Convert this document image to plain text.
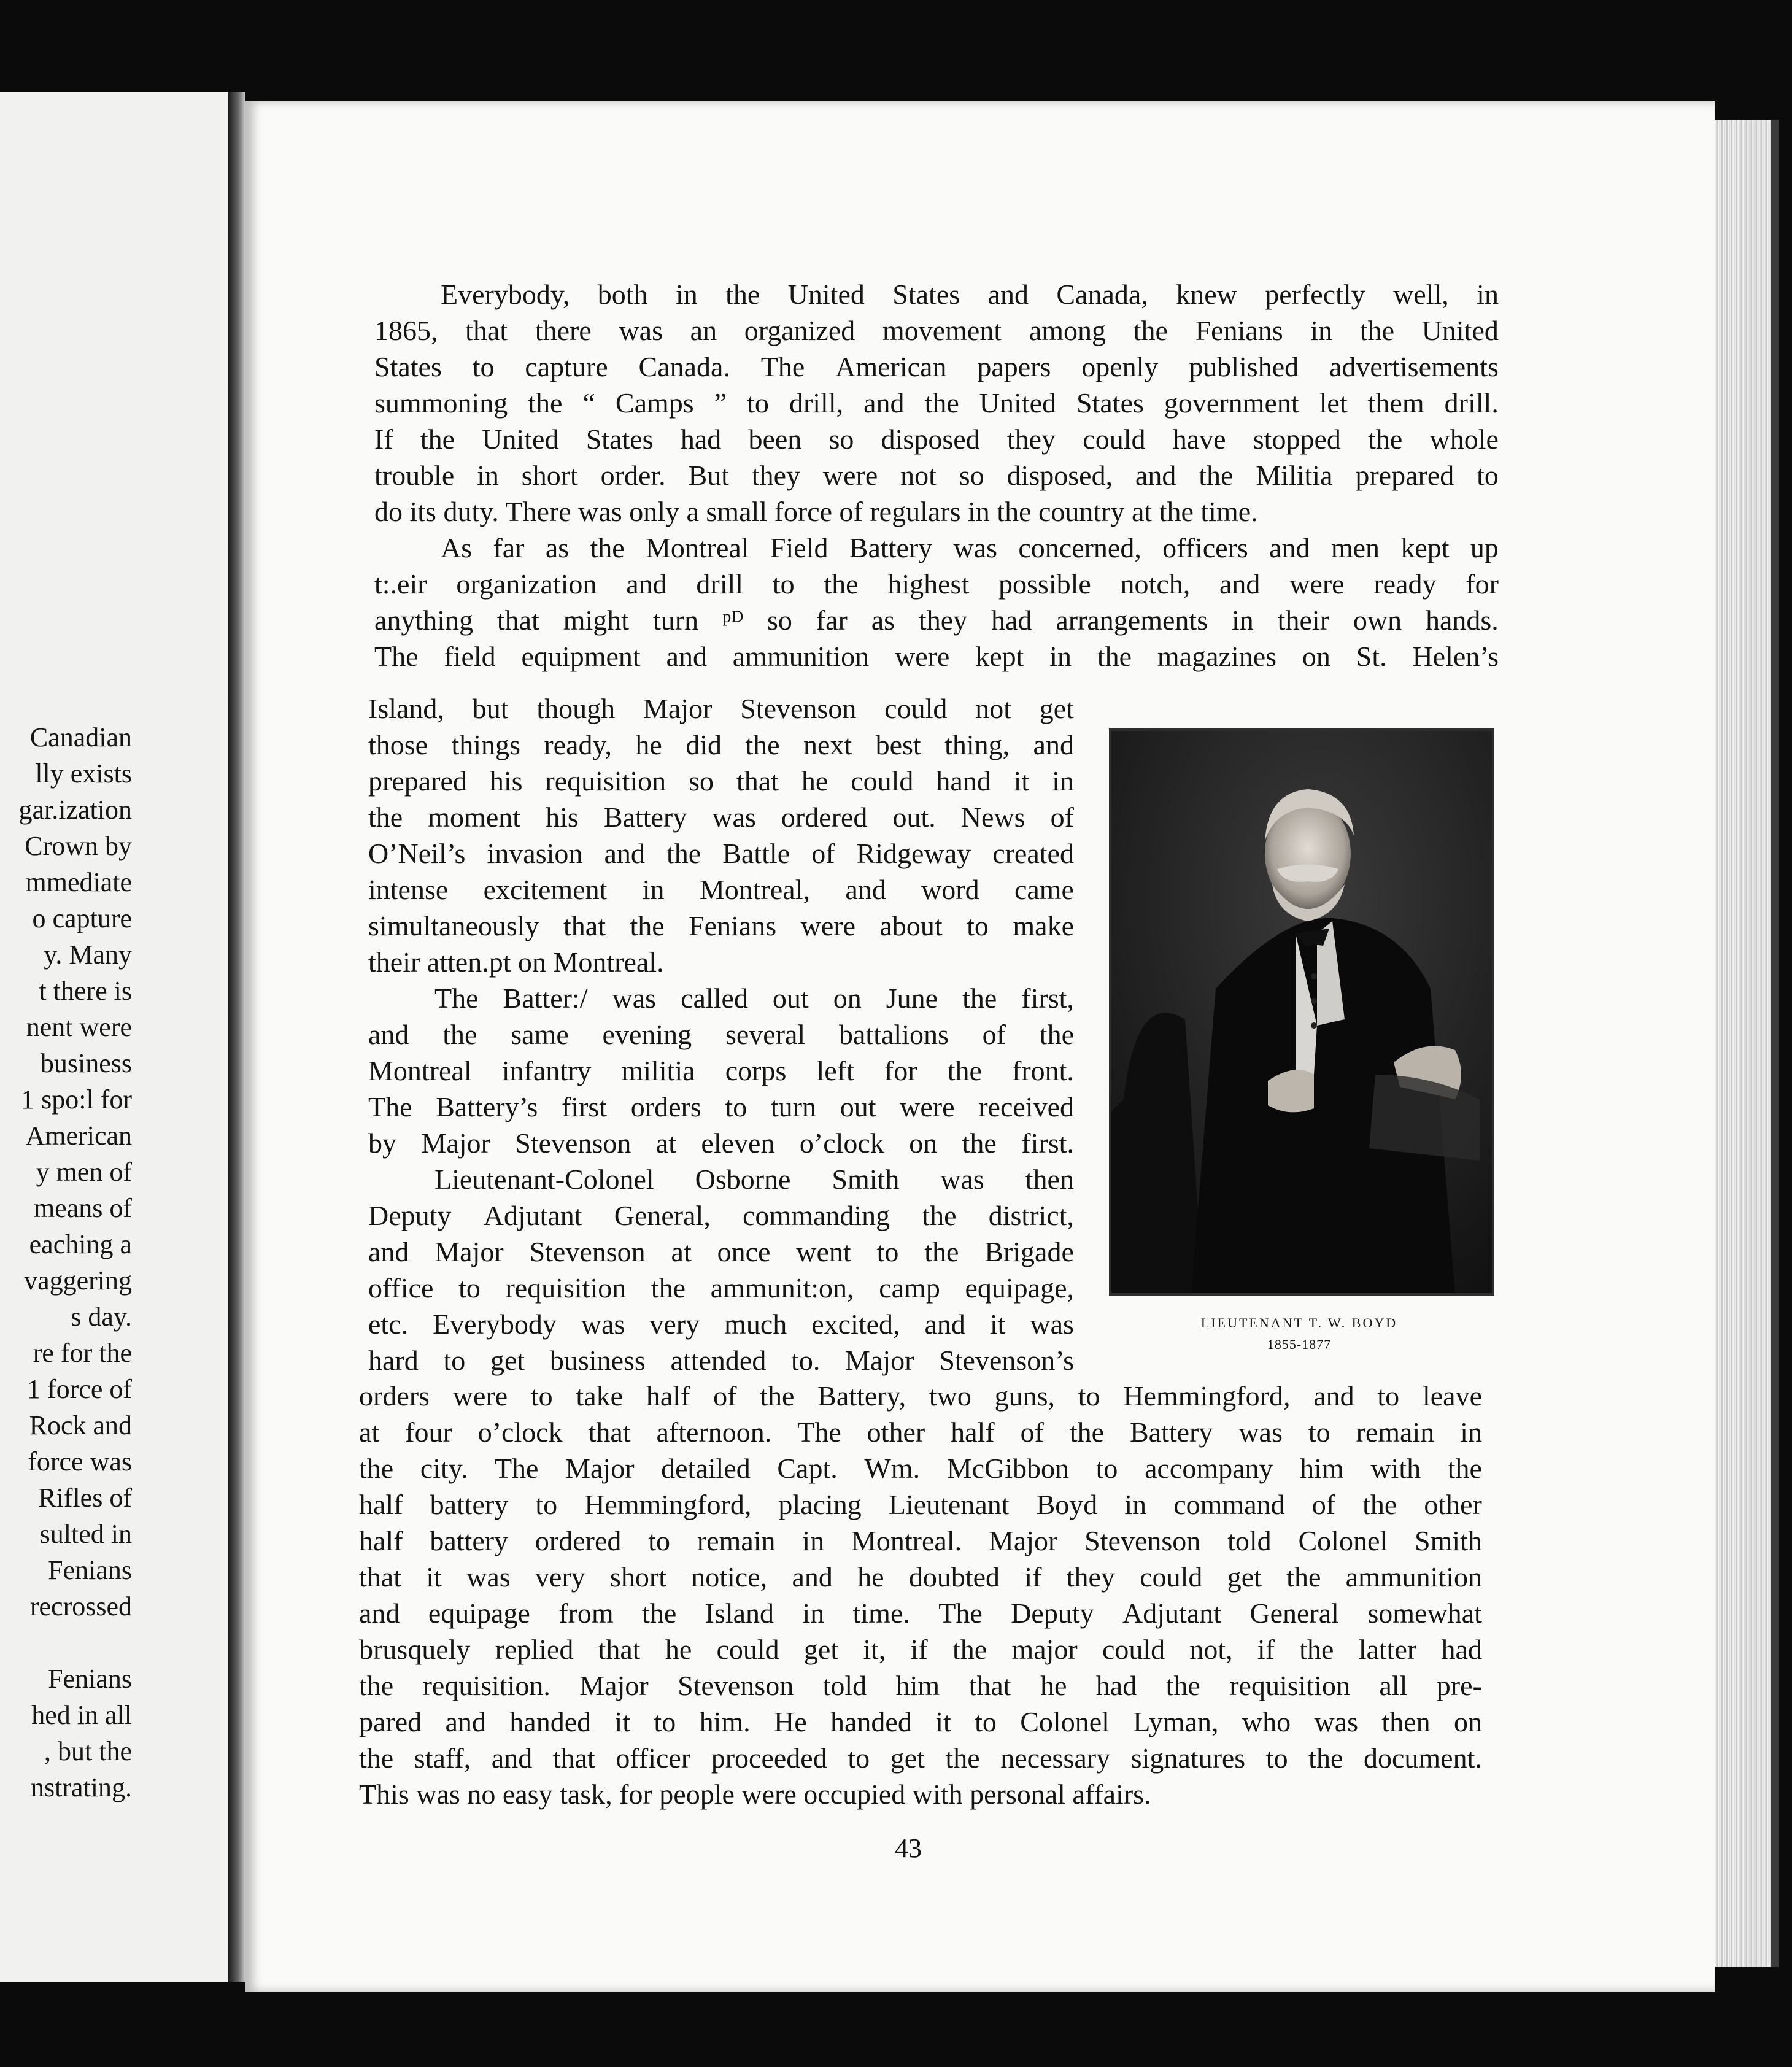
Canadian
lly exists
gar.ization
Crown by
mmediate
o capture
y. Many
t there is
nent were
business
1 spo:l for
American
y men of
means of
eaching a
vaggering
s day.
re for the
1 force of
Rock and
force was
Rifles of
sulted in
Fenians
recrossed
Fenians
hed in all
, but the
nstrating.
Everybody, both in the United States and Canada, knew perfectly well, in
1865, that there was an organized movement among the Fenians in the United
States to capture Canada. The American papers openly published advertisements
summoning the “ Camps ” to drill, and the United States government let them drill.
If the United States had been so disposed they could have stopped the whole
trouble in short order. But they were not so disposed, and the Militia prepared to
do its duty. There was only a small force of regulars in the country at the time.
As far as the Montreal Field Battery was concerned, officers and men kept up
t:.eir organization and drill to the highest possible notch, and were ready for
anything that might turn ᵖᴰ so far as they had arrangements in their own hands.
The field equipment and ammunition were kept in the magazines on St. Helen’s
Island, but though Major Stevenson could not get
those things ready, he did the next best thing, and
prepared his requisition so that he could hand it in
the moment his Battery was ordered out. News of
O’Neil’s invasion and the Battle of Ridgeway created
intense excitement in Montreal, and word came
simultaneously that the Fenians were about to make
their atten.pt on Montreal.
The Batter:/ was called out on June the first,
and the same evening several battalions of the
Montreal infantry militia corps left for the front.
The Battery’s first orders to turn out were received
by Major Stevenson at eleven o’clock on the first.
Lieutenant-Colonel Osborne Smith was then
Deputy Adjutant General, commanding the district,
and Major Stevenson at once went to the Brigade
office to requisition the ammunit:on, camp equipage,
etc. Everybody was very much excited, and it was
hard to get business attended to. Major Stevenson’s
orders were to take half of the Battery, two guns, to Hemmingford, and to leave
at four o’clock that afternoon. The other half of the Battery was to remain in
the city. The Major detailed Capt. Wm. McGibbon to accompany him with the
half battery to Hemmingford, placing Lieutenant Boyd in command of the other
half battery ordered to remain in Montreal. Major Stevenson told Colonel Smith
that it was very short notice, and he doubted if they could get the ammunition
and equipage from the Island in time. The Deputy Adjutant General somewhat
brusquely replied that he could get it, if the major could not, if the latter had
the requisition. Major Stevenson told him that he had the requisition all pre-
pared and handed it to him. He handed it to Colonel Lyman, who was then on
the staff, and that officer proceeded to get the necessary signatures to the document.
This was no easy task, for people were occupied with personal affairs.
LIEUTENANT T. W. BOYD
1855-1877
43
